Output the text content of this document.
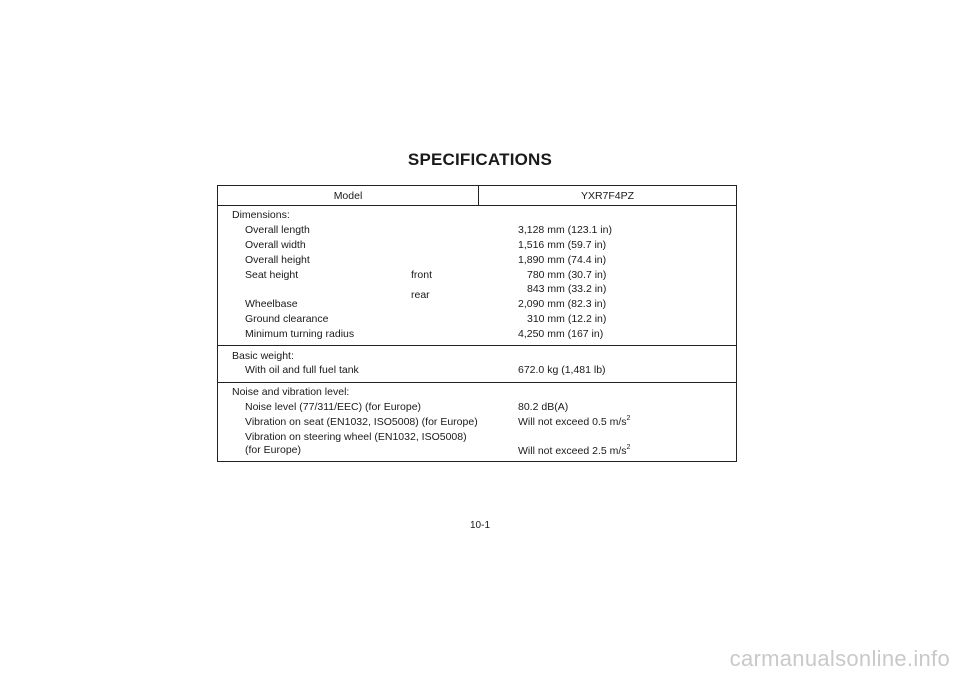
SPECIFICATIONS
Model	YXR7F4PZ
Dimensions:
Overall length	3,128 mm (123.1 in)
Overall width	1,516 mm (59.7 in)
Overall height	1,890 mm (74.4 in)
Seat height	front	780 mm (30.7 in)
rear	843 mm (33.2 in)
Wheelbase	2,090 mm (82.3 in)
Ground clearance	310 mm (12.2 in)
Minimum turning radius	4,250 mm (167 in)
Basic weight:
With oil and full fuel tank	672.0 kg (1,481 lb)
Noise and vibration level:
Noise level (77/311/EEC) (for Europe)	80.2 dB(A)
Vibration on seat (EN1032, ISO5008) (for Europe)	Will not exceed 0.5 $m/s^2$
Vibration on steering wheel (EN1032, ISO5008)
(for Europe)	Will not exceed 2.5 $m/s^2$
10-1
carmanualsonline.info
